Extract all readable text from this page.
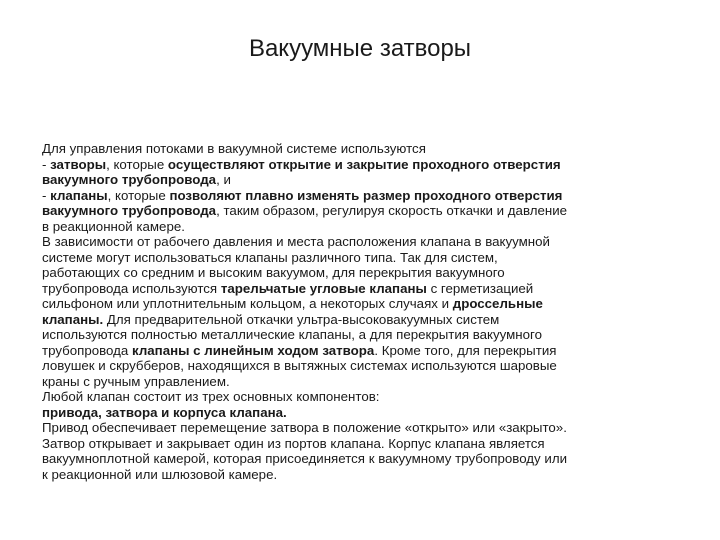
Вакуумные затворы

Для управления потоками в вакуумной системе используются

- затворы, которые осуществляют открытие и закрытие проходного отверстия

вакуумного трубопровода, и

- клапаны, которые позволяют плавно изменять размер проходного отверстия

вакуумного трубопровода, таким образом, регулируя скорость откачки и давление

в реакционной камере.

В зависимости от рабочего давления и места расположения клапана в вакуумной

системе могут использоваться клапаны различного типа. Так для систем,

работающих со средним и высоким вакуумом, для перекрытия вакуумного

трубопровода используются тарельчатые угловые клапаны с герметизацией

сильфоном или уплотнительным кольцом, а некоторых случаях и дроссельные

клапаны. Для предварительной откачки ультра-высоковакуумных систем

используются полностью металлические клапаны, а для перекрытия вакуумного

трубопровода клапаны с линейным ходом затвора. Кроме того, для перекрытия

ловушек и скрубберов, находящихся в вытяжных системах используются шаровые

краны с ручным управлением.

Любой клапан состоит из трех основных компонентов:

привода, затвора и корпуса клапана.

Привод обеспечивает перемещение затвора в положение «открыто» или «закрыто».

Затвор открывает и закрывает один из портов клапана. Корпус клапана является

вакуумноплотной камерой, которая присоединяется к вакуумному трубопроводу или

к реакционной или шлюзовой камере.
